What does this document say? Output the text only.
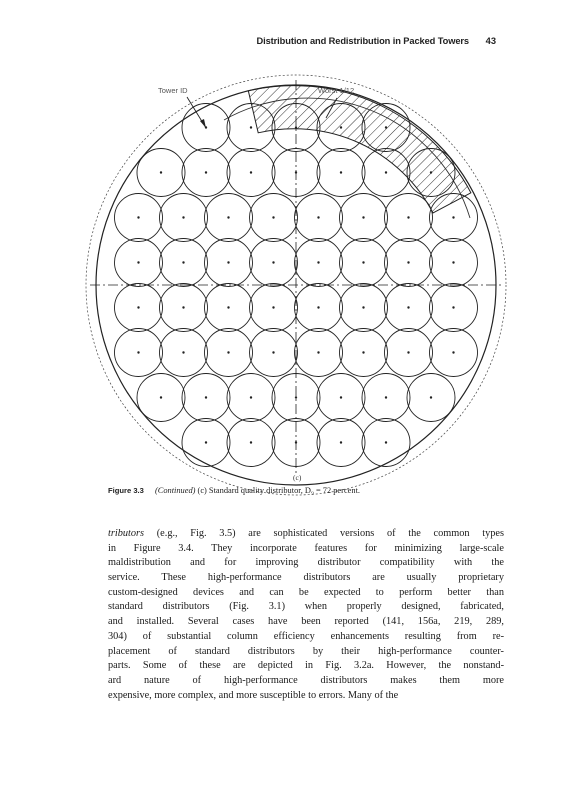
Distribution and Redistribution in Packed Towers 43
Tower ID	Worst 1/12
(c)
Figure 3.3 (Continued) (c) Standard quality distributor, D₉ = 72 percent.
tributors (e.g., Fig. 3.5) are sophisticated versions of the common types
in Figure 3.4. They incorporate features for minimizing large-scale
maldistribution and for improving distributor compatibility with the
service. These high-performance distributors are usually proprietary
custom-designed devices and can be expected to perform better than
standard distributors (Fig. 3.1) when properly designed, fabricated,
and installed. Several cases have been reported (141, 156a, 219, 289,
304) of substantial column efficiency enhancements resulting from re-
placement of standard distributors by their high-performance counter-
parts. Some of these are depicted in Fig. 3.2a. However, the nonstand-
ard nature of high-performance distributors makes them more
expensive, more complex, and more susceptible to errors. Many of the
